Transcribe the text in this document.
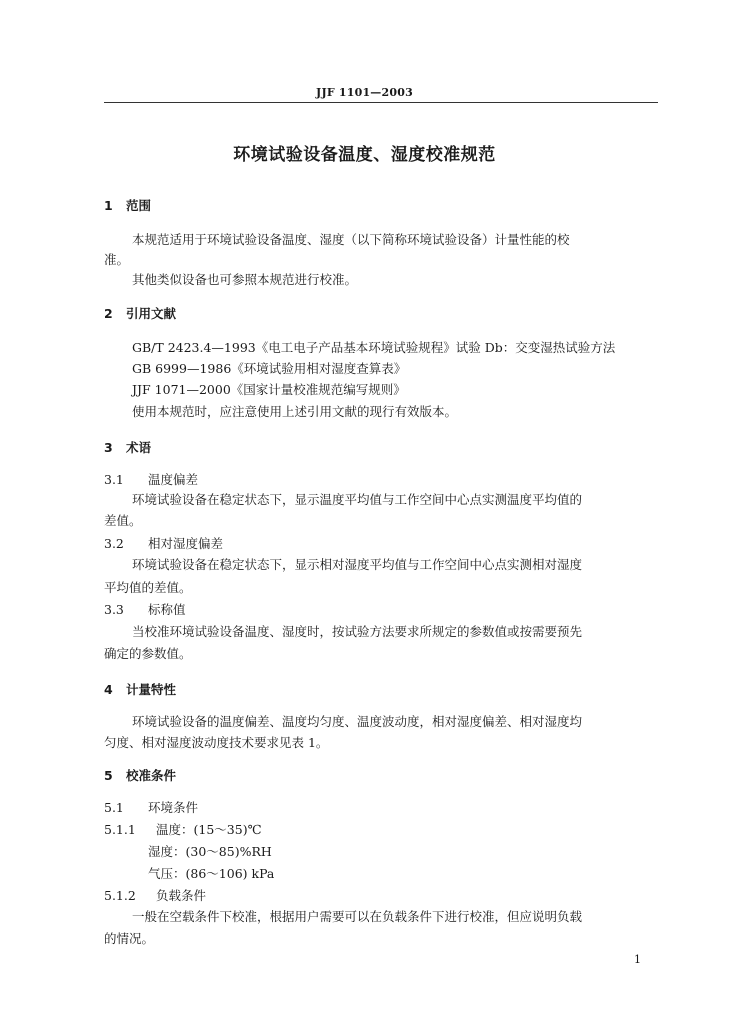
JJF 1101—2003
环境试验设备温度、湿度校准规范
1 范围
本规范适用于环境试验设备温度、湿度（以下简称环境试验设备）计量性能的校
准。
其他类似设备也可参照本规范进行校准。
2 引用文献
GB/T 2423.4—1993《电工电子产品基本环境试验规程》试验 Db：交变湿热试验方法
GB 6999—1986《环境试验用相对湿度查算表》
JJF 1071—2000《国家计量校准规范编写规则》
使用本规范时，应注意使用上述引用文献的现行有效版本。
3 术语
3.1 温度偏差
环境试验设备在稳定状态下，显示温度平均值与工作空间中心点实测温度平均值的
差值。
3.2 相对湿度偏差
环境试验设备在稳定状态下，显示相对湿度平均值与工作空间中心点实测相对湿度
平均值的差值。
3.3 标称值
当校准环境试验设备温度、湿度时，按试验方法要求所规定的参数值或按需要预先
确定的参数值。
4 计量特性
环境试验设备的温度偏差、温度均匀度、温度波动度，相对湿度偏差、相对湿度均
匀度、相对湿度波动度技术要求见表 1。
5 校准条件
5.1 环境条件
5.1.1 温度：(15～35)℃
湿度：(30～85)%RH
气压：(86～106) kPa
5.1.2 负载条件
一般在空载条件下校准，根据用户需要可以在负载条件下进行校准，但应说明负载
的情况。
1
